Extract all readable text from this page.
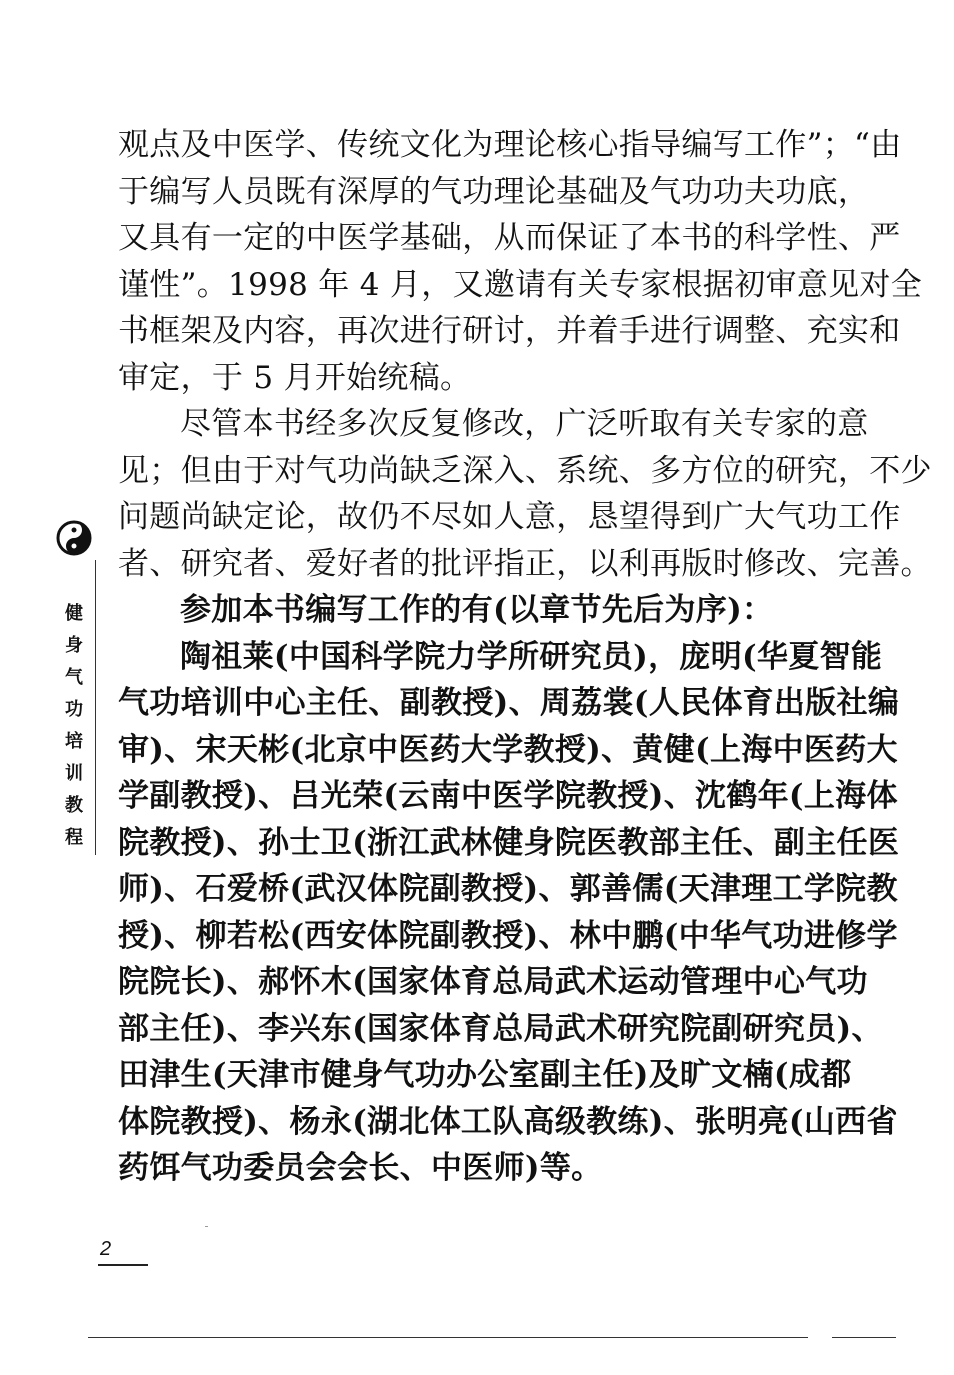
观点及中医学、传统文化为理论核心指导编写工作”；“由
于编写人员既有深厚的气功理论基础及气功功夫功底，
又具有一定的中医学基础，从而保证了本书的科学性、严
谨性”。1998 年 4 月，又邀请有关专家根据初审意见对全
书框架及内容，再次进行研讨，并着手进行调整、充实和
审定，于 5 月开始统稿。

尽管本书经多次反复修改，广泛听取有关专家的意
见；但由于对气功尚缺乏深入、系统、多方位的研究，不少
问题尚缺定论，故仍不尽如人意，恳望得到广大气功工作
者、研究者、爱好者的批评指正，以利再版时修改、完善。

参加本书编写工作的有(以章节先后为序)：

陶祖莱(中国科学院力学所研究员)，庞明(华夏智能
气功培训中心主任、副教授)、周荔裳(人民体育出版社编
审)、宋天彬(北京中医药大学教授)、黄健(上海中医药大
学副教授)、吕光荣(云南中医学院教授)、沈鹤年(上海体
院教授)、孙士卫(浙江武林健身院医教部主任、副主任医
师)、石爱桥(武汉体院副教授)、郭善儒(天津理工学院教
授)、柳若松(西安体院副教授)、林中鹏(中华气功进修学
院院长)、郝怀木(国家体育总局武术运动管理中心气功
部主任)、李兴东(国家体育总局武术研究院副研究员)、
田津生(天津市健身气功办公室副主任)及旷文楠(成都
体院教授)、杨永(湖北体工队高级教练)、张明亮(山西省
药饵气功委员会会长、中医师)等。

健
身
气
功
培
训
教
程
2
